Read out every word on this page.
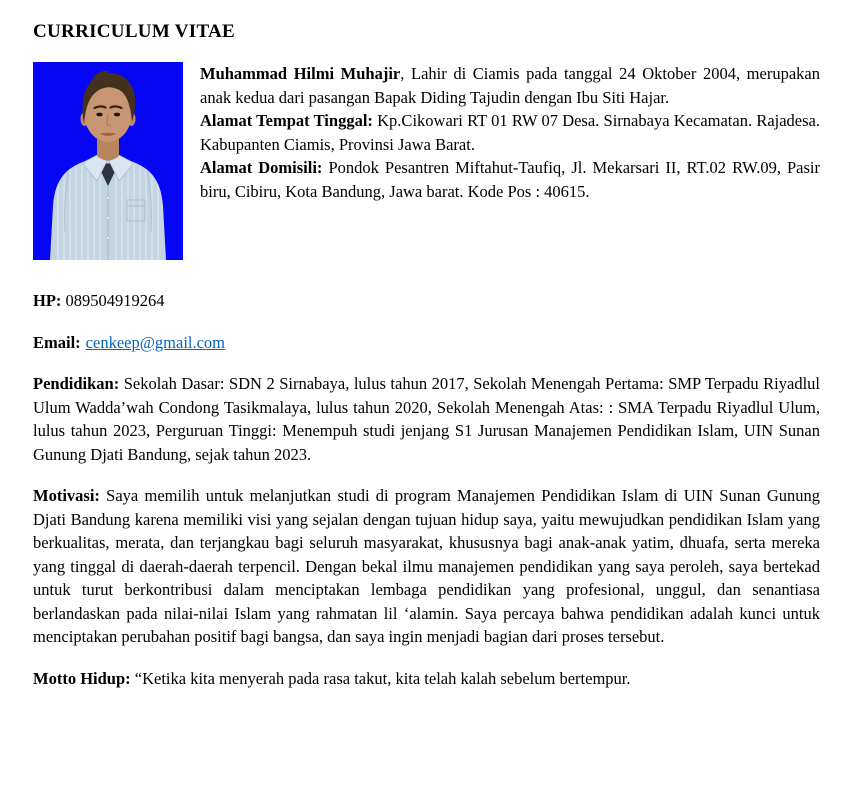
CURRICULUM VITAE

Muhammad Hilmi Muhajir, Lahir di Ciamis pada tanggal 24 Oktober 2004, merupakan anak kedua dari pasangan Bapak Diding Tajudin dengan Ibu Siti Hajar.

Alamat Tempat Tinggal: Kp.Cikowari RT 01 RW 07 Desa. Sirnabaya Kecamatan. Rajadesa. Kabupanten Ciamis, Provinsi Jawa Barat.

Alamat Domisili: Pondok Pesantren Miftahut-Taufiq, Jl. Mekarsari II, RT.02 RW.09, Pasir biru, Cibiru, Kota Bandung, Jawa barat. Kode Pos : 40615.

HP: 089504919264

Email: cenkeep@gmail.com

Pendidikan: Sekolah Dasar: SDN 2 Sirnabaya, lulus tahun 2017, Sekolah Menengah Pertama: SMP Terpadu Riyadlul Ulum Wadda’wah Condong Tasikmalaya, lulus tahun 2020, Sekolah Menengah Atas: : SMA Terpadu Riyadlul Ulum, lulus tahun 2023, Perguruan Tinggi: Menempuh studi jenjang S1 Jurusan Manajemen Pendidikan Islam, UIN Sunan Gunung Djati Bandung, sejak tahun 2023.

Motivasi: Saya memilih untuk melanjutkan studi di program Manajemen Pendidikan Islam di UIN Sunan Gunung Djati Bandung karena memiliki visi yang sejalan dengan tujuan hidup saya, yaitu mewujudkan pendidikan Islam yang berkualitas, merata, dan terjangkau bagi seluruh masyarakat, khususnya bagi anak-anak yatim, dhuafa, serta mereka yang tinggal di daerah-daerah terpencil. Dengan bekal ilmu manajemen pendidikan yang saya peroleh, saya bertekad untuk turut berkontribusi dalam menciptakan lembaga pendidikan yang profesional, unggul, dan senantiasa berlandaskan pada nilai-nilai Islam yang rahmatan lil ‘alamin. Saya percaya bahwa pendidikan adalah kunci untuk menciptakan perubahan positif bagi bangsa, dan saya ingin menjadi bagian dari proses tersebut.

Motto Hidup: “Ketika kita menyerah pada rasa takut, kita telah kalah sebelum bertempur.
